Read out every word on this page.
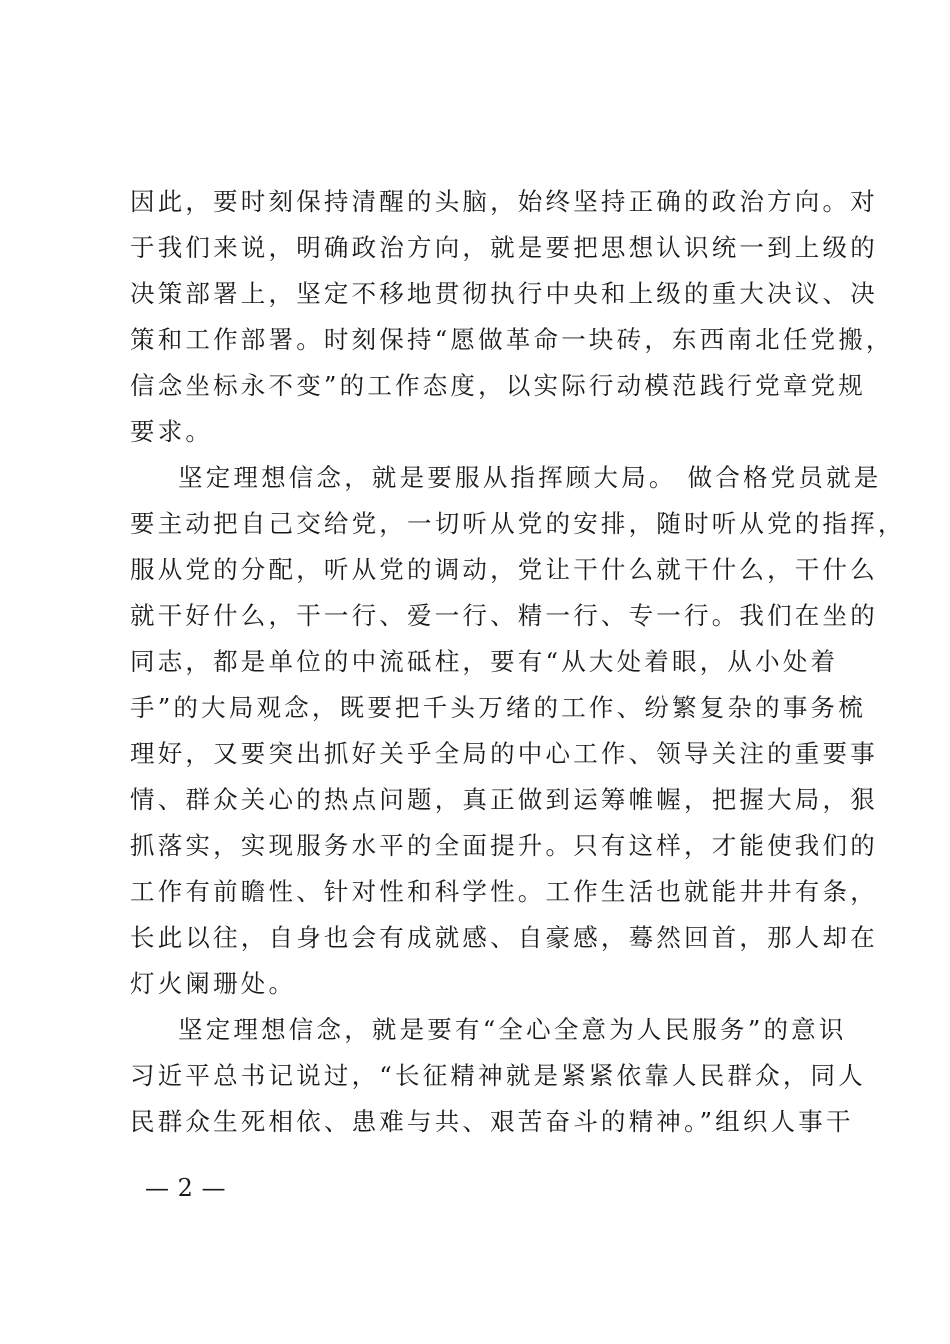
因此，要时刻保持清醒的头脑，始终坚持正确的政治方向。对
于我们来说，明确政治方向，就是要把思想认识统一到上级的
决策部署上，坚定不移地贯彻执行中央和上级的重大决议、决
策和工作部署。时刻保持“愿做革命一块砖，东西南北任党搬，
信念坐标永不变”的工作态度，以实际行动模范践行党章党规
要求。
坚定理想信念，就是要服从指挥顾大局。 做合格党员就是
要主动把自己交给党，一切听从党的安排，随时听从党的指挥，
服从党的分配，听从党的调动，党让干什么就干什么，干什么
就干好什么，干一行、爱一行、精一行、专一行。我们在坐的
同志，都是单位的中流砥柱，要有“从大处着眼，从小处着
手”的大局观念，既要把千头万绪的工作、纷繁复杂的事务梳
理好，又要突出抓好关乎全局的中心工作、领导关注的重要事
情、群众关心的热点问题，真正做到运筹帷幄，把握大局，狠
抓落实，实现服务水平的全面提升。只有这样，才能使我们的
工作有前瞻性、针对性和科学性。工作生活也就能井井有条，
长此以往，自身也会有成就感、自豪感，蓦然回首，那人却在
灯火阑珊处。
坚定理想信念，就是要有“全心全意为人民服务”的意识
习近平总书记说过，“长征精神就是紧紧依靠人民群众，同人
民群众生死相依、患难与共、艰苦奋斗的精神。”组织人事干
— 2 —
